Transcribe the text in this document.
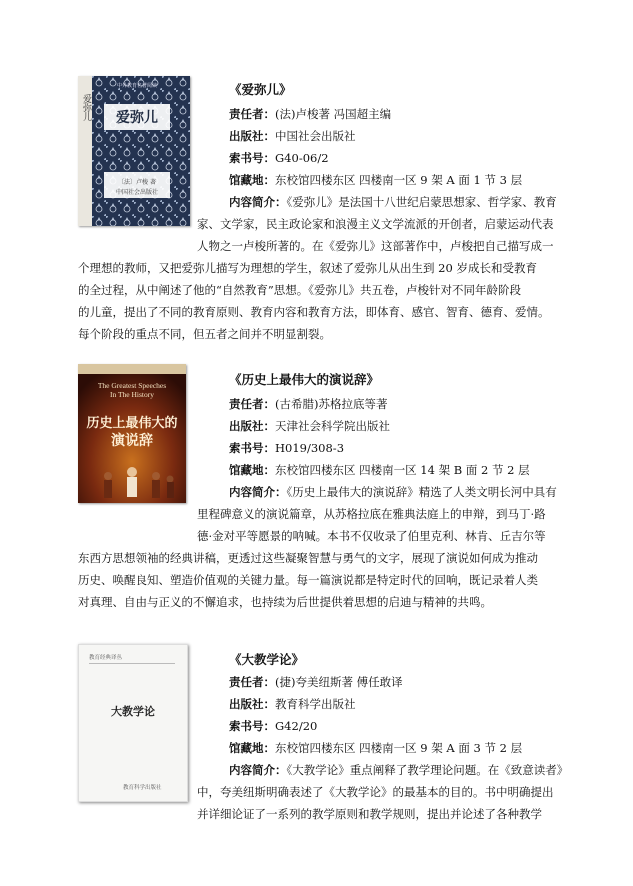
中外教育名著阅读
爱弥儿
〔法〕卢梭 著
中国社会出版社
爱弥儿
《爱弥儿》
责任者：(法)卢梭著 冯国超主编
出版社：中国社会出版社
索书号：G40-06/2
馆藏地：东校馆四楼东区 四楼南一区 9 架 A 面 1 节 3 层
内容简介：《爱弥儿》是法国十八世纪启蒙思想家、哲学家、教育
家、文学家，民主政论家和浪漫主义文学流派的开创者，启蒙运动代表
人物之一卢梭所著的。在《爱弥儿》这部著作中，卢梭把自己描写成一
个理想的教师，又把爱弥儿描写为理想的学生，叙述了爱弥儿从出生到 20 岁成长和受教育
的全过程，从中阐述了他的“自然教育”思想。《爱弥儿》共五卷，卢梭针对不同年龄阶段
的儿童，提出了不同的教育原则、教育内容和教育方法，即体育、感官、智育、德育、爱情。
每个阶段的重点不同，但五者之间并不明显割裂。
The Greatest Speeches In The History
历史上最伟大的
演说辞
《历史上最伟大的演说辞》
责任者：(古希腊)苏格拉底等著
出版社：天津社会科学院出版社
索书号：H019/308-3
馆藏地：东校馆四楼东区 四楼南一区 14 架 B 面 2 节 2 层
内容简介：《历史上最伟大的演说辞》精选了人类文明长河中具有
里程碑意义的演说篇章，从苏格拉底在雅典法庭上的申辩，到马丁·路
德·金对平等愿景的呐喊。本书不仅收录了伯里克利、林肯、丘吉尔等
东西方思想领袖的经典讲稿，更透过这些凝聚智慧与勇气的文字，展现了演说如何成为推动
历史、唤醒良知、塑造价值观的关键力量。每一篇演说都是特定时代的回响，既记录着人类
对真理、自由与正义的不懈追求，也持续为后世提供着思想的启迪与精神的共鸣。
教育经典译丛
大教学论
教育科学出版社
《大教学论》
责任者：(捷)夸美纽斯著 傅任敢译
出版社：教育科学出版社
索书号：G42/20
馆藏地：东校馆四楼东区 四楼南一区 9 架 A 面 3 节 2 层
内容简介：《大教学论》重点阐释了教学理论问题。在《致意读者》
中，夸美纽斯明确表述了《大教学论》的最基本的目的。书中明确提出
并详细论证了一系列的教学原则和教学规则，提出并论述了各种教学
